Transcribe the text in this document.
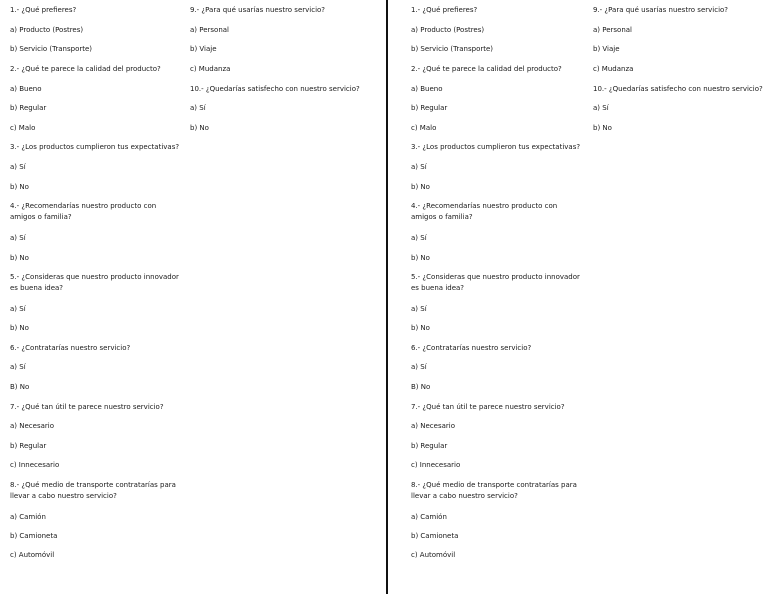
1.- ¿Qué prefieres?
a) Producto (Postres)
b) Servicio (Transporte)
2.- ¿Qué te parece la calidad del producto?
a) Bueno
b) Regular
c) Malo
3.- ¿Los productos cumplieron tus expectativas?
a) Sí
b) No
4.- ¿Recomendarías nuestro producto con
amigos o familia?
a) Sí
b) No
5.- ¿Consideras que nuestro producto innovador
es buena idea?
a) Sí
b) No
6.- ¿Contratarías nuestro servicio?
a) Sí
B) No
7.- ¿Qué tan útil te parece nuestro servicio?
a) Necesario
b) Regular
c) Innecesario
8.- ¿Qué medio de transporte contratarías para
llevar a cabo nuestro servicio?
a) Camión
b) Camioneta
c) Automóvil
9.- ¿Para qué usarías nuestro servicio?
a) Personal
b) Viaje
c) Mudanza
10.- ¿Quedarías satisfecho con nuestro servicio?
a) Sí
b) No
1.- ¿Qué prefieres?
a) Producto (Postres)
b) Servicio (Transporte)
2.- ¿Qué te parece la calidad del producto?
a) Bueno
b) Regular
c) Malo
3.- ¿Los productos cumplieron tus expectativas?
a) Sí
b) No
4.- ¿Recomendarías nuestro producto con
amigos o familia?
a) Sí
b) No
5.- ¿Consideras que nuestro producto innovador
es buena idea?
a) Sí
b) No
6.- ¿Contratarías nuestro servicio?
a) Sí
B) No
7.- ¿Qué tan útil te parece nuestro servicio?
a) Necesario
b) Regular
c) Innecesario
8.- ¿Qué medio de transporte contratarías para
llevar a cabo nuestro servicio?
a) Camión
b) Camioneta
c) Automóvil
9.- ¿Para qué usarías nuestro servicio?
a) Personal
b) Viaje
c) Mudanza
10.- ¿Quedarías satisfecho con nuestro servicio?
a) Sí
b) No
